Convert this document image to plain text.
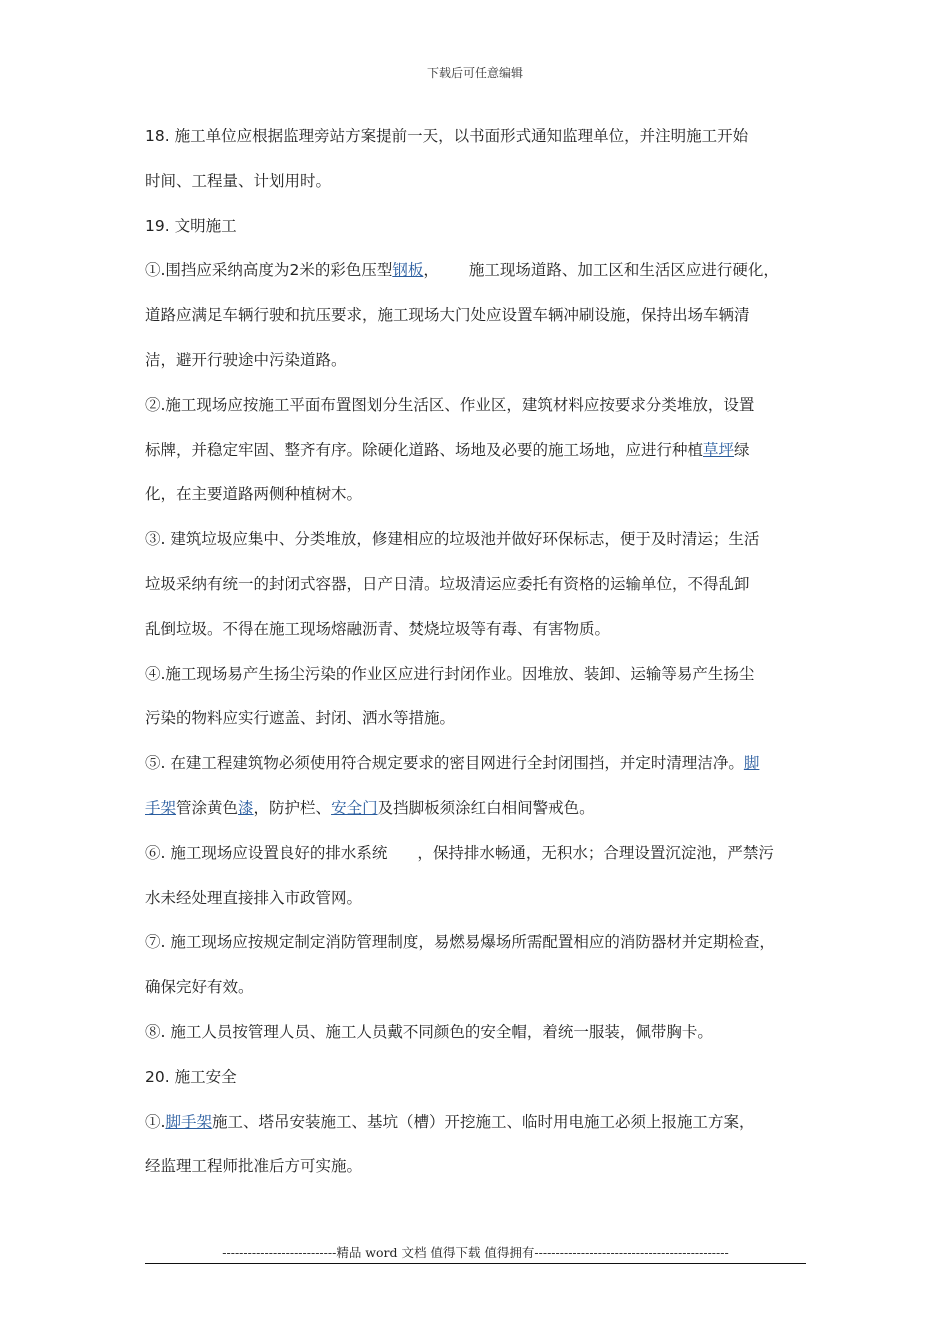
下载后可任意编辑
18. 施工单位应根据监理旁站方案提前一天，以书面形式通知监理单位，并注明施工开始
时间、工程量、计划用时。
19. 文明施工
①.围挡应采纳高度为2米的彩色压型钢板， 施工现场道路、加工区和生活区应进行硬化，
道路应满足车辆行驶和抗压要求，施工现场大门处应设置车辆冲刷设施，保持出场车辆清
洁，避开行驶途中污染道路。
②.施工现场应按施工平面布置图划分生活区、作业区，建筑材料应按要求分类堆放，设置
标牌，并稳定牢固、整齐有序。除硬化道路、场地及必要的施工场地，应进行种植草坪绿
化，在主要道路两侧种植树木。
③. 建筑垃圾应集中、分类堆放，修建相应的垃圾池并做好环保标志，便于及时清运；生活
垃圾采纳有统一的封闭式容器，日产日清。垃圾清运应委托有资格的运输单位，不得乱卸
乱倒垃圾。不得在施工现场熔融沥青、焚烧垃圾等有毒、有害物质。
④.施工现场易产生扬尘污染的作业区应进行封闭作业。因堆放、装卸、运输等易产生扬尘
污染的物料应实行遮盖、封闭、洒水等措施。
⑤. 在建工程建筑物必须使用符合规定要求的密目网进行全封闭围挡，并定时清理洁净。脚
手架管涂黄色漆，防护栏、安全门及挡脚板须涂红白相间警戒色。
⑥. 施工现场应设置良好的排水系统 ，保持排水畅通，无积水；合理设置沉淀池，严禁污
水未经处理直接排入市政管网。
⑦. 施工现场应按规定制定消防管理制度，易燃易爆场所需配置相应的消防器材并定期检查，
确保完好有效。
⑧. 施工人员按管理人员、施工人员戴不同颜色的安全帽，着统一服装，佩带胸卡。
20. 施工安全
①.脚手架施工、塔吊安装施工、基坑（槽）开挖施工、临时用电施工必须上报施工方案，
经监理工程师批准后方可实施。
---------------------------精品 word 文档 值得下载 值得拥有----------------------------------------------
